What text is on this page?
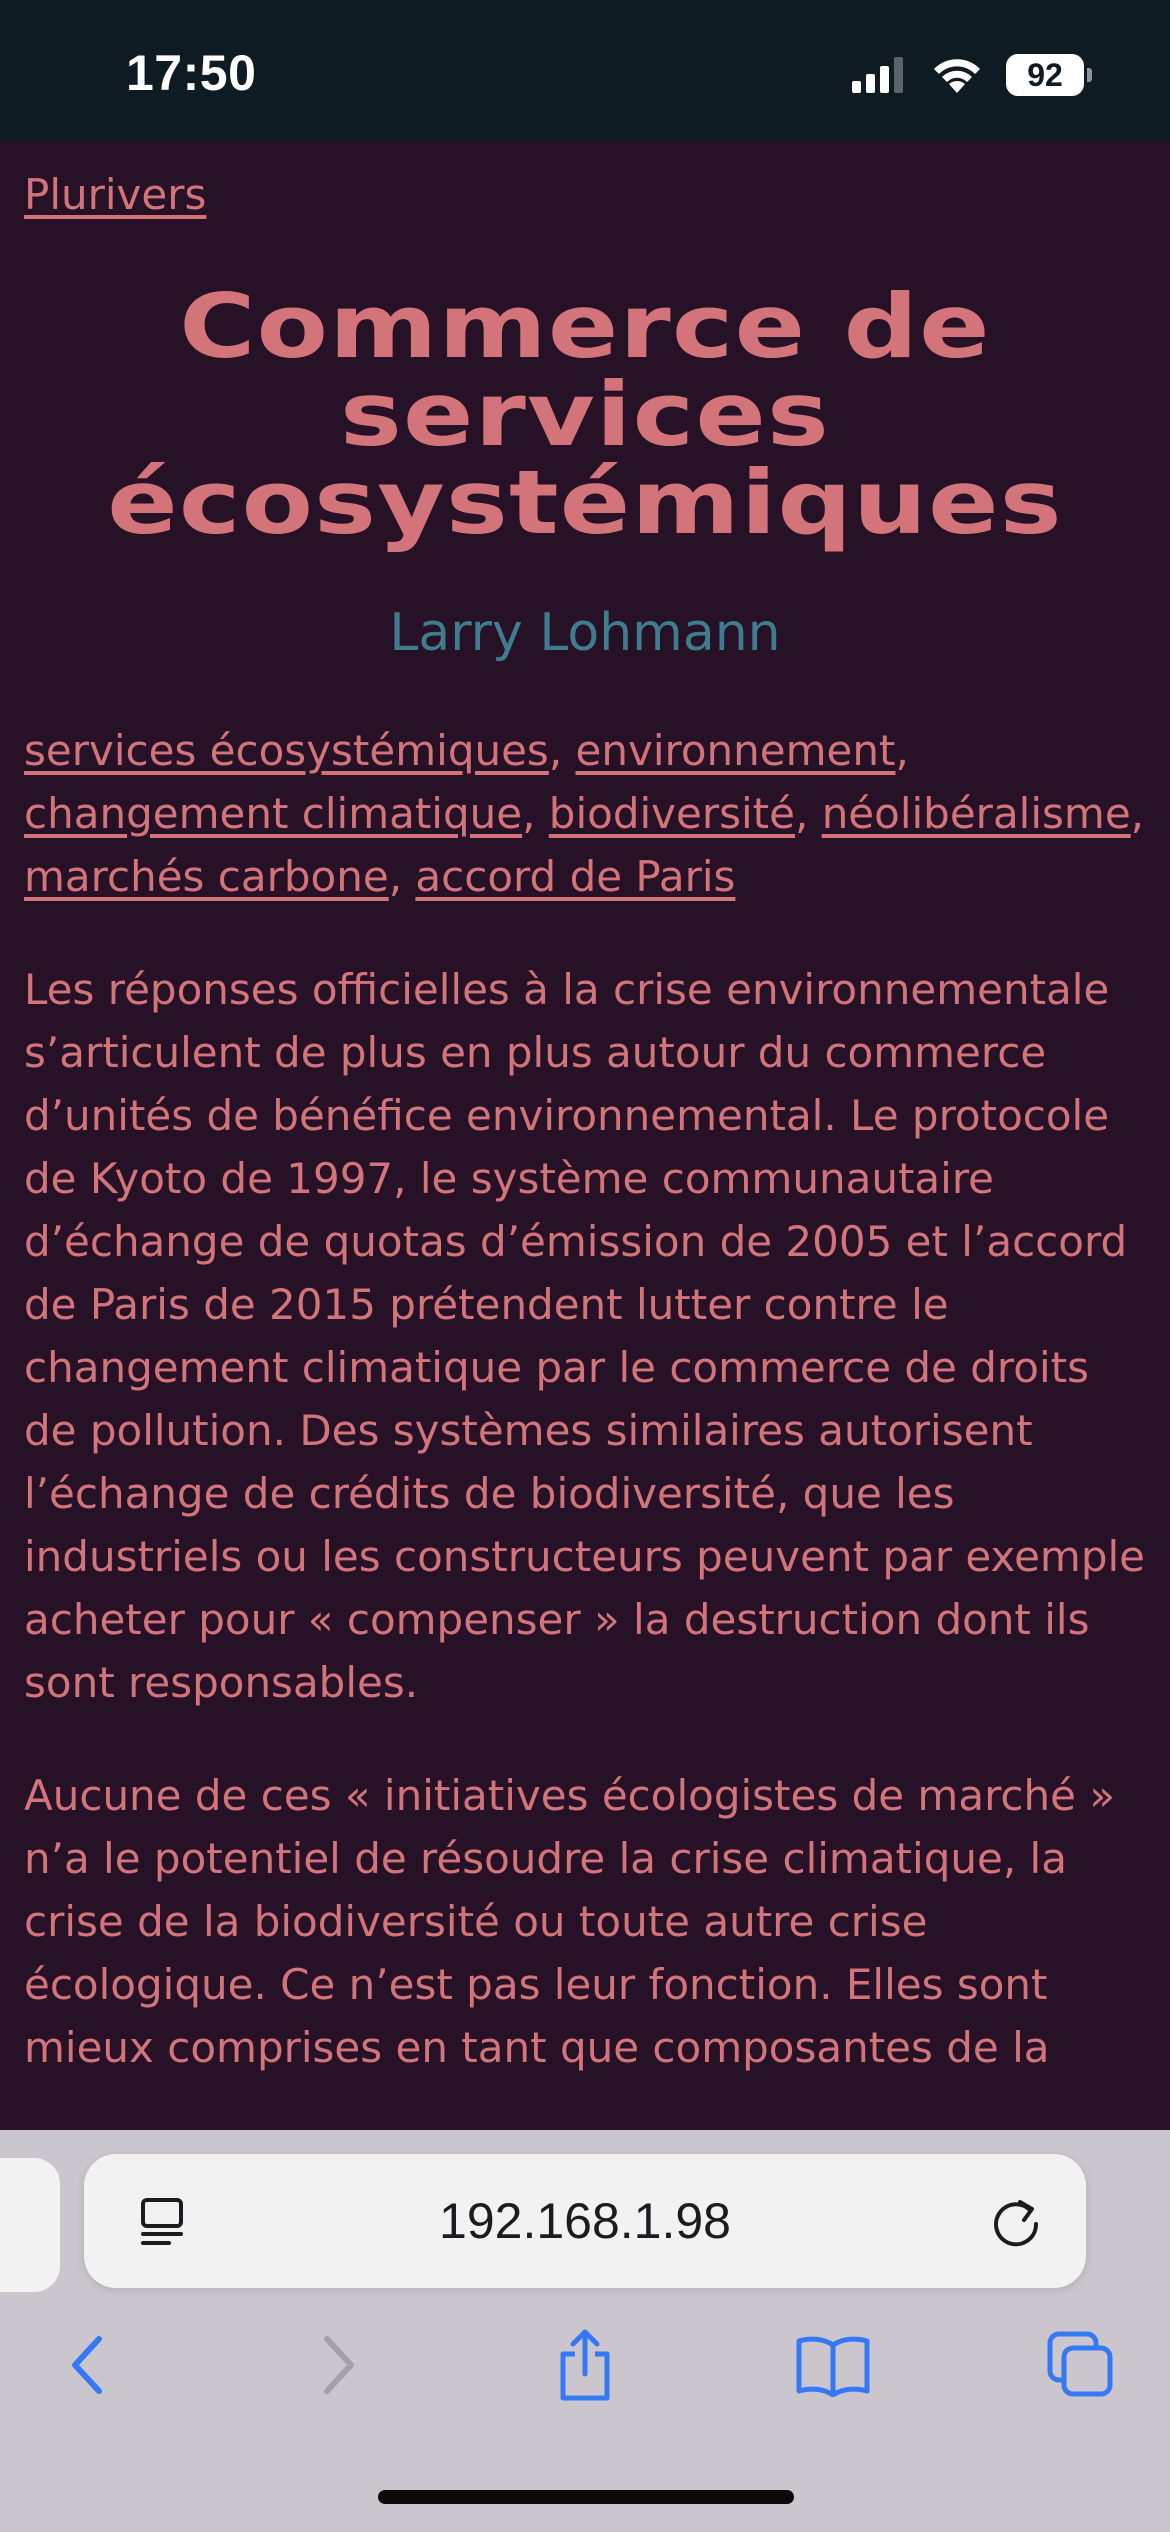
17:50	92
Plurivers
Commerce de
services
écosystémiques
Larry Lohmann
services écosystémiques, environnement, changement climatique, biodiversité, néolibéralisme, marchés carbone, accord de Paris

Les réponses officielles à la crise environnementale s’articulent de plus en plus autour du commerce d’unités de bénéfice environnemental. Le protocole de Kyoto de 1997, le système communautaire d’échange de quotas d’émission de 2005 et l’accord de Paris de 2015 prétendent lutter contre le changement climatique par le commerce de droits de pollution. Des systèmes similaires autorisent l’échange de crédits de biodiversité, que les industriels ou les constructeurs peuvent par exemple acheter pour « compenser » la destruction dont ils sont responsables.

Aucune de ces « initiatives écologistes de marché » n’a le potentiel de résoudre la crise climatique, la crise de la biodiversité ou toute autre crise écologique. Ce n’est pas leur fonction. Elles sont mieux comprises en tant que composantes de la

192.168.1.98
